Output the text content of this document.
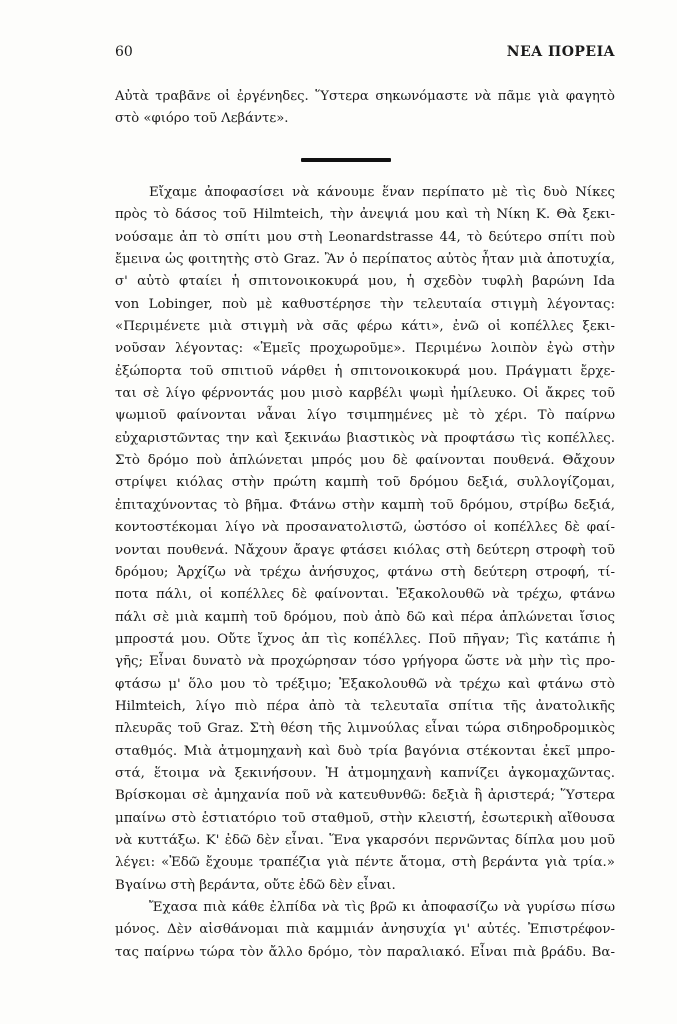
60	ΝΕΑ ΠΟΡΕΙΑ
Αὐτὰ τραβᾶνε οἱ ἐργένηδες. Ὕστερα σηκωνόμαστε νὰ πᾶμε γιὰ φαγητὸ
στὸ «φιόρο τοῦ Λεβάντε».
Εἴχαμε ἀποφασίσει νὰ κάνουμε ἕναν περίπατο μὲ τὶς δυὸ Νίκες
πρὸς τὸ δάσος τοῦ Hilmteich, τὴν ἀνεψιά μου καὶ τὴ Νίκη Κ. Θὰ ξεκι-
νούσαμε ἀπ τὸ σπίτι μου στὴ Leonardstrasse 44, τὸ δεύτερο σπίτι ποὺ
ἔμεινα ὡς φοιτητὴς στὸ Graz. Ἂν ὁ περίπατος αὐτὸς ἦταν μιὰ ἀποτυχία,
σ' αὐτὸ φταίει ἡ σπιτονοικοκυρά μου, ἡ σχεδὸν τυφλὴ βαρώνη Ida
von Lobinger, ποὺ μὲ καθυστέρησε τὴν τελευταία στιγμὴ λέγοντας:
«Περιμένετε μιὰ στιγμὴ νὰ σᾶς φέρω κάτι», ἐνῶ οἱ κοπέλλες ξεκι-
νοῦσαν λέγοντας: «Ἐμεῖς προχωροῦμε». Περιμένω λοιπὸν ἐγὼ στὴν
ἐξώπορτα τοῦ σπιτιοῦ νάρθει ἡ σπιτονοικοκυρά μου. Πράγματι ἔρχε-
ται σὲ λίγο φέρνοντάς μου μισὸ καρβέλι ψωμὶ ἠμίλευκο. Οἱ ἄκρες τοῦ
ψωμιοῦ φαίνονται νἆναι λίγο τσιμπημένες μὲ τὸ χέρι. Τὸ παίρνω
εὐχαριστῶντας την καὶ ξεκινάω βιαστικὸς νὰ προφτάσω τὶς κοπέλλες.
Στὸ δρόμο ποὺ ἁπλώνεται μπρός μου δὲ φαίνονται πουθενά. Θἄχουν
στρίψει κιόλας στὴν πρώτη καμπὴ τοῦ δρόμου δεξιά, συλλογίζομαι,
ἐπιταχύνοντας τὸ βῆμα. Φτάνω στὴν καμπὴ τοῦ δρόμου, στρίβω δεξιά,
κοντοστέκομαι λίγο νὰ προσανατολιστῶ, ὡστόσο οἱ κοπέλλες δὲ φαί-
νονται πουθενά. Νἄχουν ἄραγε φτάσει κιόλας στὴ δεύτερη στροφὴ τοῦ
δρόμου; Ἀρχίζω νὰ τρέχω ἀνήσυχος, φτάνω στὴ δεύτερη στροφή, τί-
ποτα πάλι, οἱ κοπέλλες δὲ φαίνονται. Ἐξακολουθῶ νὰ τρέχω, φτάνω
πάλι σὲ μιὰ καμπὴ τοῦ δρόμου, ποὺ ἀπὸ δῶ καὶ πέρα ἁπλώνεται ἴσιος
μπροστά μου. Οὔτε ἴχνος ἀπ τὶς κοπέλλες. Ποῦ πῆγαν; Τὶς κατάπιε ἡ
γῆς; Εἶναι δυνατὸ νὰ προχώρησαν τόσο γρήγορα ὥστε νὰ μὴν τὶς προ-
φτάσω μ' ὅλο μου τὸ τρέξιμο; Ἐξακολουθῶ νὰ τρέχω καὶ φτάνω στὸ
Hilmteich, λίγο πιὸ πέρα ἀπὸ τὰ τελευταῖα σπίτια τῆς ἀνατολικῆς
πλευρᾶς τοῦ Graz. Στὴ θέση τῆς λιμνούλας εἶναι τώρα σιδηροδρομικὸς
σταθμός. Μιὰ ἀτμομηχανὴ καὶ δυὸ τρία βαγόνια στέκονται ἐκεῖ μπρο-
στά, ἕτοιμα νὰ ξεκινήσουν. Ἡ ἀτμομηχανὴ καπνίζει ἀγκομαχῶντας.
Βρίσκομαι σὲ ἀμηχανία ποῦ νὰ κατευθυνθῶ: δεξιὰ ἢ ἀριστερά; Ὕστερα
μπαίνω στὸ ἑστιατόριο τοῦ σταθμοῦ, στὴν κλειστή, ἐσωτερικὴ αἴθουσα
νὰ κυττάξω. Κ' ἐδῶ δὲν εἶναι. Ἕνα γκαρσόνι περνῶντας δίπλα μου μοῦ
λέγει: «Ἐδῶ ἔχουμε τραπέζια γιὰ πέντε ἄτομα, στὴ βεράντα γιὰ τρία.»
Βγαίνω στὴ βεράντα, οὔτε ἐδῶ δὲν εἶναι.
Ἔχασα πιὰ κάθε ἐλπίδα νὰ τὶς βρῶ κι ἀποφασίζω νὰ γυρίσω πίσω
μόνος. Δὲν αἰσθάνομαι πιὰ καμμιάν ἀνησυχία γι' αὐτές. Ἐπιστρέφον-
τας παίρνω τώρα τὸν ἄλλο δρόμο, τὸν παραλιακό. Εἶναι πιὰ βράδυ. Βα-
